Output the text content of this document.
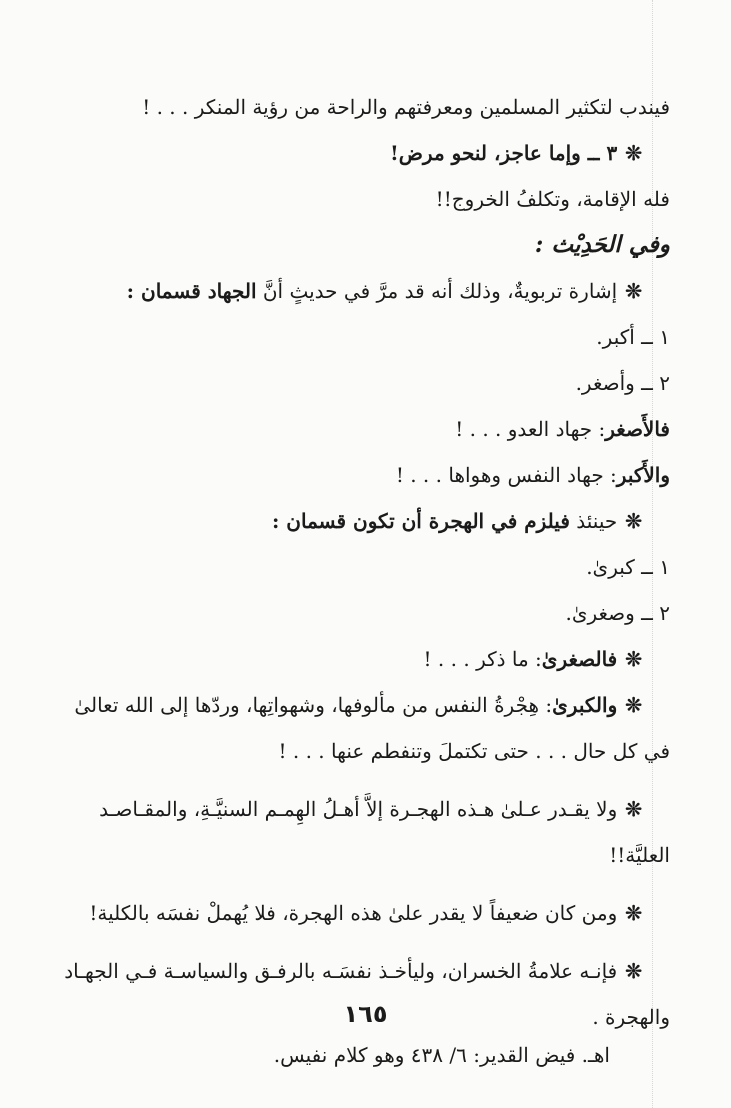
فيندب لتكثير المسلمين ومعرفتهم والراحة من رؤية المنكر . . . !
❊٣ ــ وإما عاجز، لنحو مرض!
فله الإقامة، وتكلفُ الخروج!!
وفي الحَدِيْث :
❊إشارة تربويةٌ، وذلك أنه قد مرَّ في حديثٍ أنَّ الجهاد قسمان :
١ ــ أكبر.
٢ ــ وأصغر.
فالأَصغر: جهاد العدو . . . !
والأَكبر: جهاد النفس وهواها . . . !
❊حينئذ فيلزم في الهجرة أن تكون قسمان :
١ ــ كبرىٰ.
٢ ــ وصغرىٰ.
❊فالصغرىٰ: ما ذكر . . . !
❊والكبرىٰ: هِجْرةُ النفس من مألوفها، وشهواتِها، وردّها إلى الله تعالىٰ
في كل حال . . . حتى تكتملَ وتنفطم عنها . . . !
❊ولا يقـدر عـلىٰ هـذه الهجـرة إلاَّ أهـلُ الهِمـم السنيَّـةِ، والمقـاصـد
العليَّة!!
❊ومن كان ضعيفاً لا يقدر علىٰ هذه الهجرة، فلا يُهملْ نفسَه بالكلية!
❊فإنـه علامةُ الخسران، وليأخـذ نفسَـه بالرفـق والسياسـة فـي الجهـاد
والهجرة .
اهـ. فيض القدير: ٦/ ٤٣٨ وهو كلام نفيس.
١٦٥
